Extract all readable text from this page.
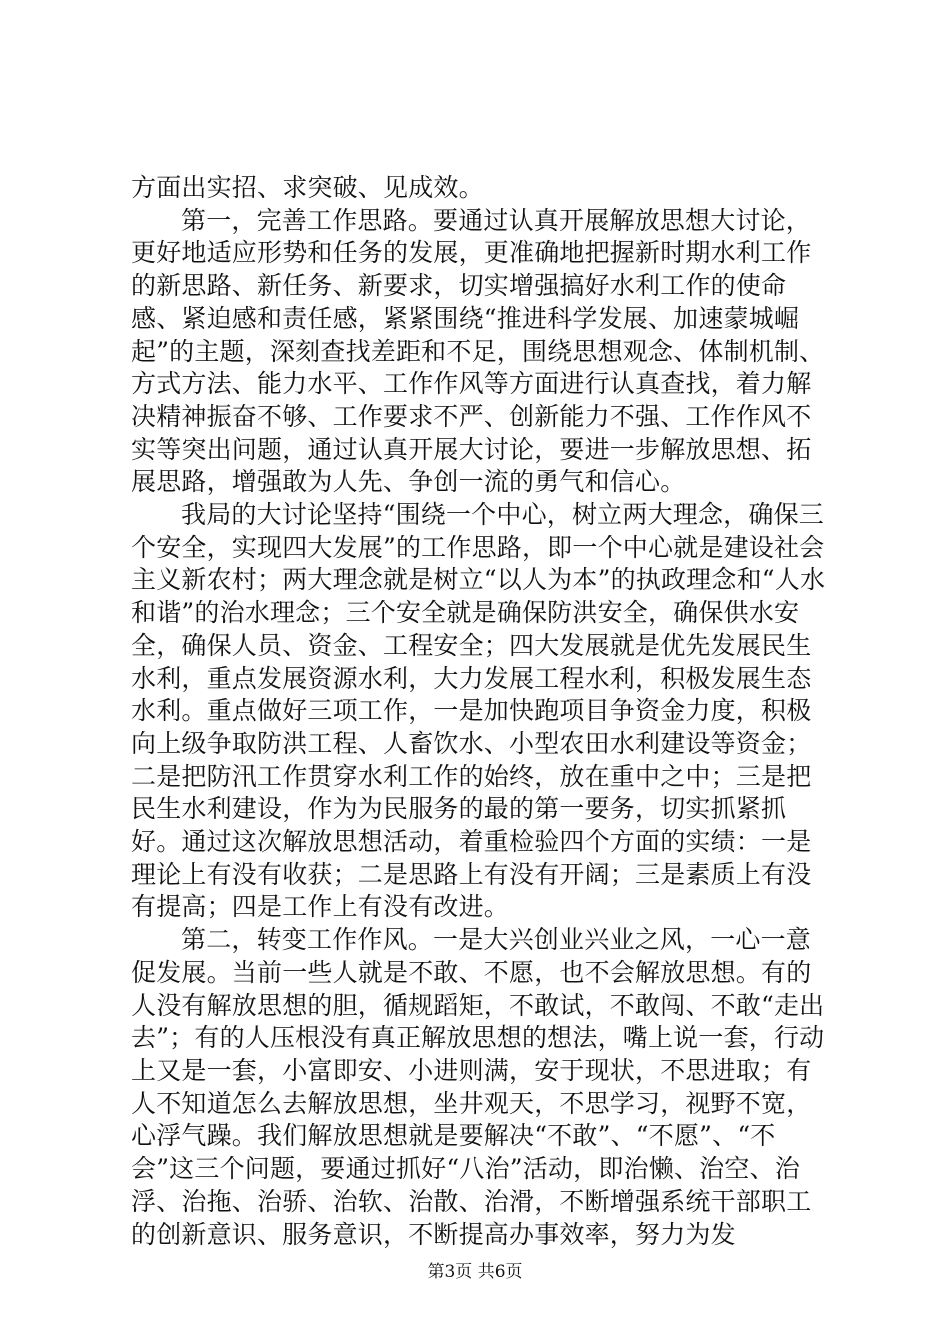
方面出实招、求突破、见成效。

第一，完善工作思路。要通过认真开展解放思想大讨论，更好地适应形势和任务的发展，更准确地把握新时期水利工作的新思路、新任务、新要求，切实增强搞好水利工作的使命感、紧迫感和责任感，紧紧围绕“推进科学发展、加速蒙城崛起”的主题，深刻查找差距和不足，围绕思想观念、体制机制、方式方法、能力水平、工作作风等方面进行认真查找，着力解决精神振奋不够、工作要求不严、创新能力不强、工作作风不实等突出问题，通过认真开展大讨论，要进一步解放思想、拓展思路，增强敢为人先、争创一流的勇气和信心。

我局的大讨论坚持“围绕一个中心，树立两大理念，确保三个安全，实现四大发展”的工作思路，即一个中心就是建设社会主义新农村；两大理念就是树立“以人为本”的执政理念和“人水和谐”的治水理念；三个安全就是确保防洪安全，确保供水安全，确保人员、资金、工程安全；四大发展就是优先发展民生水利，重点发展资源水利，大力发展工程水利，积极发展生态水利。重点做好三项工作，一是加快跑项目争资金力度，积极向上级争取防洪工程、人畜饮水、小型农田水利建设等资金；二是把防汛工作贯穿水利工作的始终，放在重中之中；三是把民生水利建设，作为为民服务的最的第一要务，切实抓紧抓好。通过这次解放思想活动，着重检验四个方面的实绩：一是理论上有没有收获；二是思路上有没有开阔；三是素质上有没有提高；四是工作上有没有改进。

第二，转变工作作风。一是大兴创业兴业之风，一心一意促发展。当前一些人就是不敢、不愿，也不会解放思想。有的人没有解放思想的胆，循规蹈矩，不敢试，不敢闯、不敢“走出去”；有的人压根没有真正解放思想的想法，嘴上说一套，行动上又是一套，小富即安、小进则满，安于现状，不思进取；有人不知道怎么去解放思想，坐井观天，不思学习，视野不宽，心浮气躁。我们解放思想就是要解决“不敢”、“不愿”、“不会”这三个问题，要通过抓好“八治”活动，即治懒、治空、治浮、治拖、治骄、治软、治散、治滑，不断增强系统干部职工的创新意识、服务意识，不断提高办事效率，努力为发

第3页 共6页
